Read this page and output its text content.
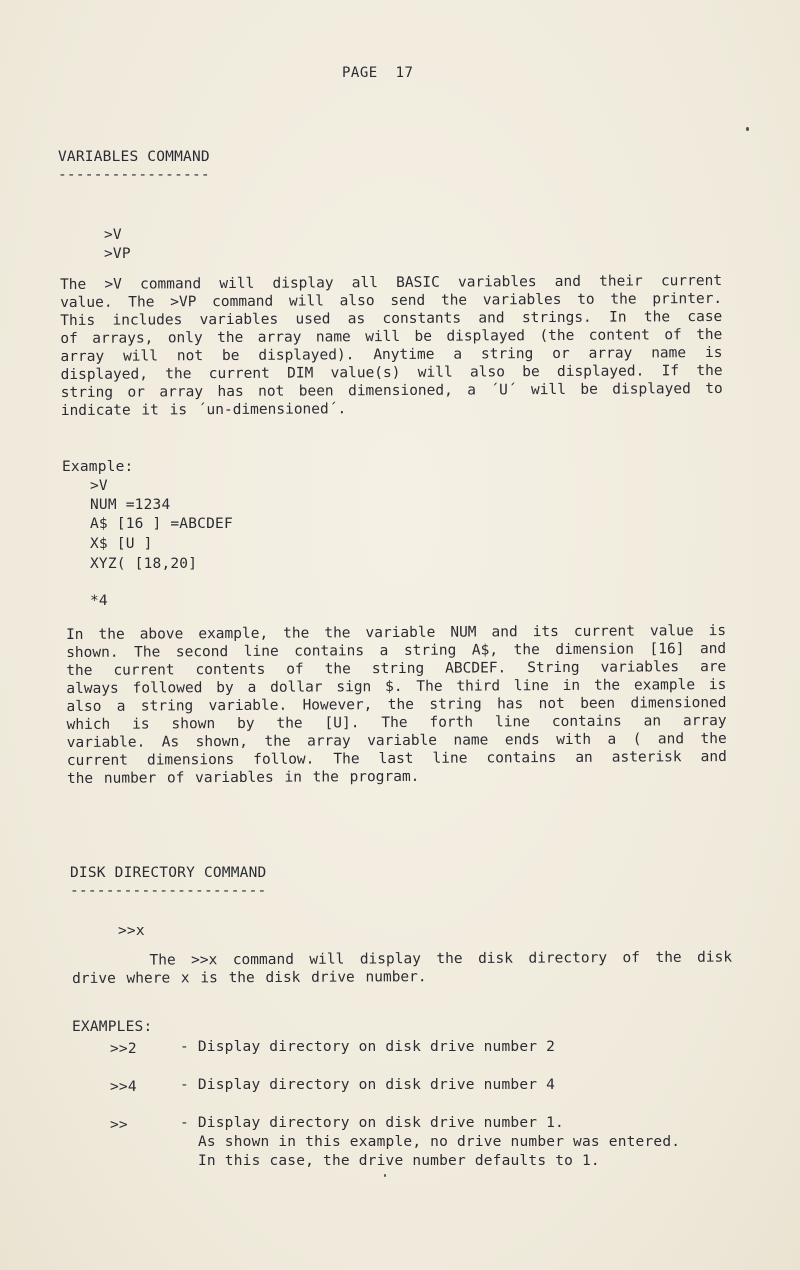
PAGE  17
VARIABLES COMMAND
-----------------
>V
>VP
The >V command will display all BASIC variables and their current
value. The >VP command will also send the variables to the printer.
This includes variables used as constants and strings. In the case
of arrays, only the array name will be displayed (the content of the
array will not be displayed). Anytime a string or array name is
displayed, the current DIM value(s) will also be displayed. If the
string or array has not been dimensioned, a ´U´ will be displayed to
indicate it is ´un-dimensioned´.
Example:
>V
NUM =1234
A$ [16 ] =ABCDEF
X$ [U ]
XYZ( [18,20]
*4
In the above example, the the variable NUM and its current value is
shown. The second line contains a string A$, the dimension [16] and
the current contents of the string ABCDEF. String variables are
always followed by a dollar sign $. The third line in the example is
also a string variable. However, the string has not been dimensioned
which is shown by the [U]. The forth line contains an array
variable. As shown, the array variable name ends with a ( and the
current dimensions follow. The last line contains an asterisk and
the number of variables in the program.
DISK DIRECTORY COMMAND
----------------------
>>x
The >>x command will display the disk directory of the disk
drive where x is the disk drive number.
EXAMPLES:
>>2	- Display directory on disk drive number 2
>>4	- Display directory on disk drive number 4
>>	- Display directory on disk drive number 1.
As shown in this example, no drive number was entered.
In this case, the drive number defaults to 1.
